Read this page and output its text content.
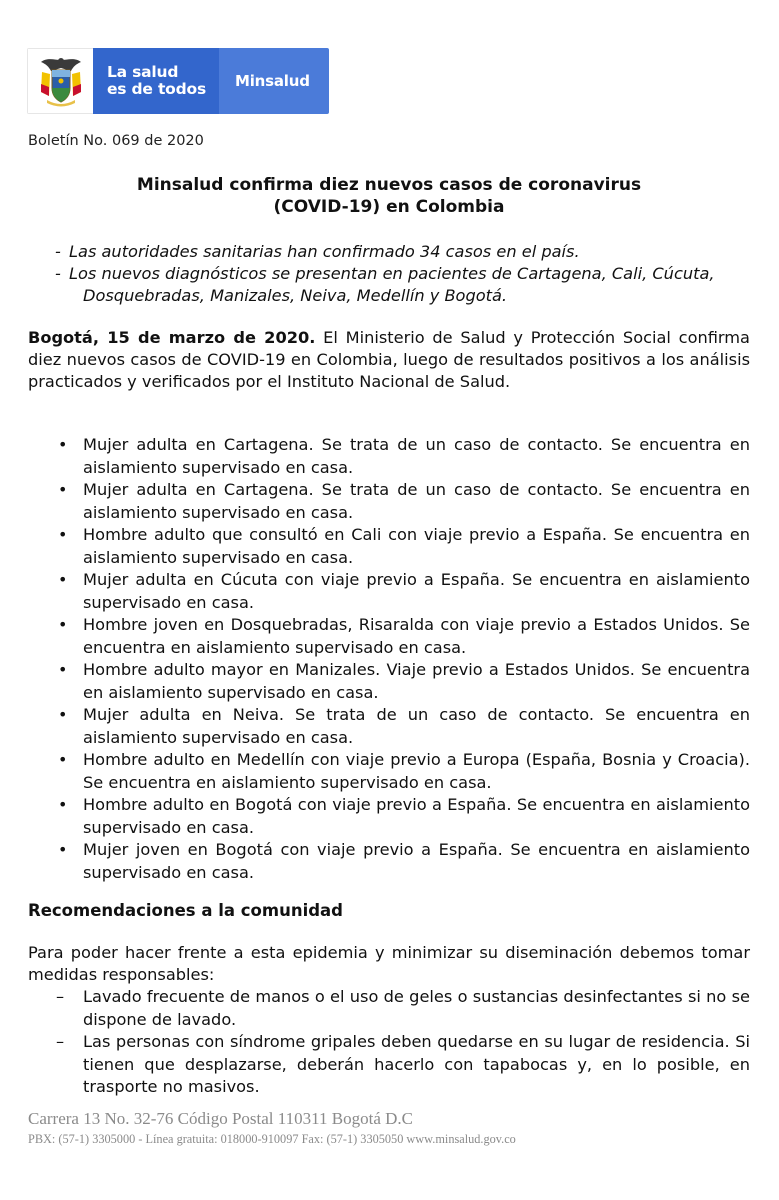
La salud
es de todos	Minsalud
Boletín No. 069 de 2020
Minsalud confirma diez nuevos casos de coronavirus
(COVID-19) en Colombia
- Las autoridades sanitarias han confirmado 34 casos en el país.
- Los nuevos diagnósticos se presentan en pacientes de Cartagena, Cali, Cúcuta, Dosquebradas, Manizales, Neiva, Medellín y Bogotá.

Bogotá, 15 de marzo de 2020. El Ministerio de Salud y Protección Social confirma diez nuevos casos de COVID-19 en Colombia, luego de resultados positivos a los análisis practicados y verificados por el Instituto Nacional de Salud.

• Mujer adulta en Cartagena. Se trata de un caso de contacto. Se encuentra en aislamiento supervisado en casa.
• Mujer adulta en Cartagena. Se trata de un caso de contacto. Se encuentra en aislamiento supervisado en casa.
• Hombre adulto que consultó en Cali con viaje previo a España. Se encuentra en aislamiento supervisado en casa.
• Mujer adulta en Cúcuta con viaje previo a España. Se encuentra en aislamiento supervisado en casa.
• Hombre joven en Dosquebradas, Risaralda con viaje previo a Estados Unidos. Se encuentra en aislamiento supervisado en casa.
• Hombre adulto mayor en Manizales. Viaje previo a Estados Unidos. Se encuentra en aislamiento supervisado en casa.
• Mujer adulta en Neiva. Se trata de un caso de contacto. Se encuentra en aislamiento supervisado en casa.
• Hombre adulto en Medellín con viaje previo a Europa (España, Bosnia y Croacia). Se encuentra en aislamiento supervisado en casa.
• Hombre adulto en Bogotá con viaje previo a España. Se encuentra en aislamiento supervisado en casa.
• Mujer joven en Bogotá con viaje previo a España. Se encuentra en aislamiento supervisado en casa.
Recomendaciones a la comunidad

Para poder hacer frente a esta epidemia y minimizar su diseminación debemos tomar medidas responsables:

– Lavado frecuente de manos o el uso de geles o sustancias desinfectantes si no se dispone de lavado.
– Las personas con síndrome gripales deben quedarse en su lugar de residencia. Si tienen que desplazarse, deberán hacerlo con tapabocas y, en lo posible, en trasporte no masivos.
Carrera 13 No. 32-76 Código Postal 110311 Bogotá D.C
PBX: (57-1) 3305000 - Línea gratuita: 018000-910097 Fax: (57-1) 3305050 www.minsalud.gov.co
